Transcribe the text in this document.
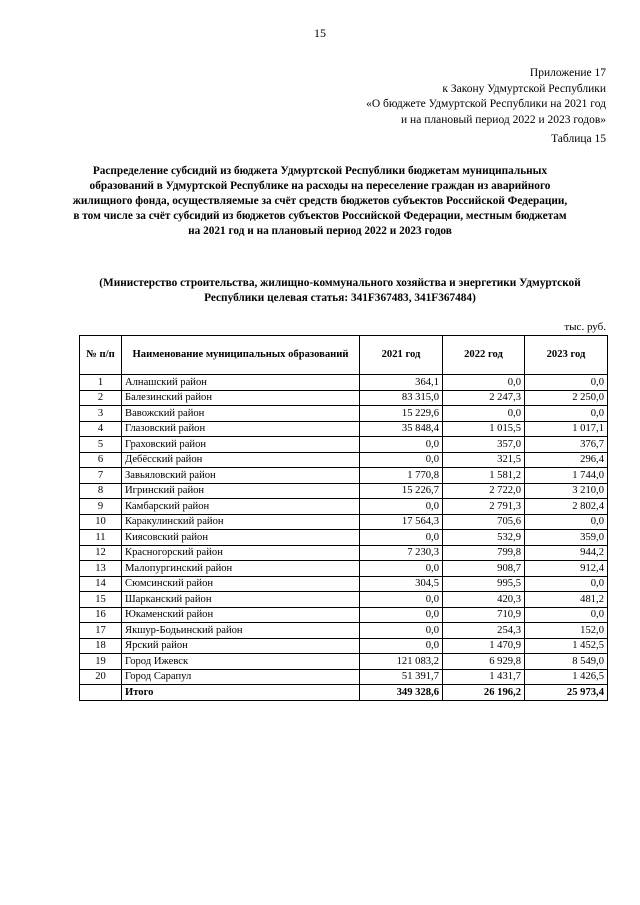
15
Приложение 17
к Закону Удмуртской Республики
«О бюджете Удмуртской Республики на 2021 год
и на плановый период 2022 и 2023 годов»
Таблица 15
Распределение субсидий из бюджета Удмуртской Республики бюджетам муниципальных образований в Удмуртской Республике на расходы на переселение граждан из аварийного жилищного фонда, осуществляемые за счёт средств бюджетов субъектов Российской Федерации, в том числе за счёт субсидий из бюджетов субъектов Российской Федерации, местным бюджетам на 2021 год и на плановый период 2022 и 2023 годов
(Министерство строительства, жилищно-коммунального хозяйства и энергетики Удмуртской Республики целевая статья: 341F367483, 341F367484)
тыс. руб.
№ п/п	Наименование муниципальных образований	2021 год	2022 год	2023 год
1	Алнашский район	364,1	0,0	0,0
2	Балезинский район	83 315,0	2 247,3	2 250,0
3	Вавожский район	15 229,6	0,0	0,0
4	Глазовский район	35 848,4	1 015,5	1 017,1
5	Граховский район	0,0	357,0	376,7
6	Дебёсский район	0,0	321,5	296,4
7	Завьяловский район	1 770,8	1 581,2	1 744,0
8	Игринский район	15 226,7	2 722,0	3 210,0
9	Камбарский район	0,0	2 791,3	2 802,4
10	Каракулинский район	17 564,3	705,6	0,0
11	Киясовский район	0,0	532,9	359,0
12	Красногорский район	7 230,3	799,8	944,2
13	Малопургинский район	0,0	908,7	912,4
14	Сюмсинский район	304,5	995,5	0,0
15	Шарканский район	0,0	420,3	481,2
16	Юкаменский район	0,0	710,9	0,0
17	Якшур-Бодьинский район	0,0	254,3	152,0
18	Ярский район	0,0	1 470,9	1 452,5
19	Город Ижевск	121 083,2	6 929,8	8 549,0
20	Город Сарапул	51 391,7	1 431,7	1 426,5
	Итого	349 328,6	26 196,2	25 973,4
